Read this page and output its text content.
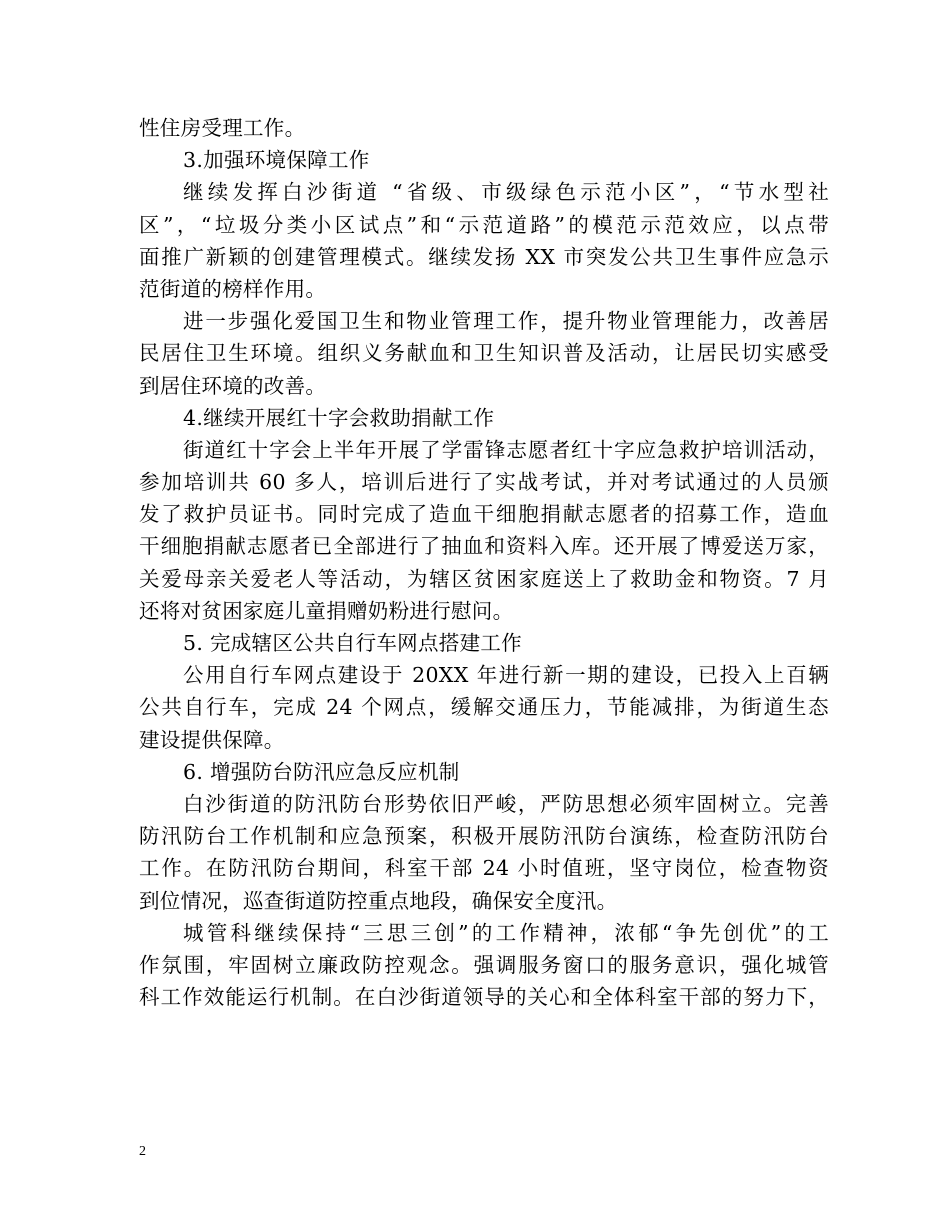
性住房受理工作。
3.加强环境保障工作
继续发挥白沙街道 “省级、市级绿色示范小区”，“节水型社
区”，“垃圾分类小区试点”和“示范道路”的模范示范效应，以点带
面推广新颖的创建管理模式。继续发扬 XX 市突发公共卫生事件应急示
范街道的榜样作用。
进一步强化爱国卫生和物业管理工作，提升物业管理能力，改善居
民居住卫生环境。组织义务献血和卫生知识普及活动，让居民切实感受
到居住环境的改善。
4.继续开展红十字会救助捐献工作
街道红十字会上半年开展了学雷锋志愿者红十字应急救护培训活动，
参加培训共 60 多人，培训后进行了实战考试，并对考试通过的人员颁
发了救护员证书。同时完成了造血干细胞捐献志愿者的招募工作，造血
干细胞捐献志愿者已全部进行了抽血和资料入库。还开展了博爱送万家，
关爱母亲关爱老人等活动，为辖区贫困家庭送上了救助金和物资。7 月
还将对贫困家庭儿童捐赠奶粉进行慰问。
5. 完成辖区公共自行车网点搭建工作
公用自行车网点建设于 20XX 年进行新一期的建设，已投入上百辆
公共自行车，完成 24 个网点，缓解交通压力，节能减排，为街道生态
建设提供保障。
6. 增强防台防汛应急反应机制
白沙街道的防汛防台形势依旧严峻，严防思想必须牢固树立。完善
防汛防台工作机制和应急预案，积极开展防汛防台演练，检查防汛防台
工作。在防汛防台期间，科室干部 24 小时值班，坚守岗位，检查物资
到位情况，巡查街道防控重点地段，确保安全度汛。
城管科继续保持“三思三创”的工作精神，浓郁“争先创优”的工
作氛围，牢固树立廉政防控观念。强调服务窗口的服务意识，强化城管
科工作效能运行机制。在白沙街道领导的关心和全体科室干部的努力下，
2
